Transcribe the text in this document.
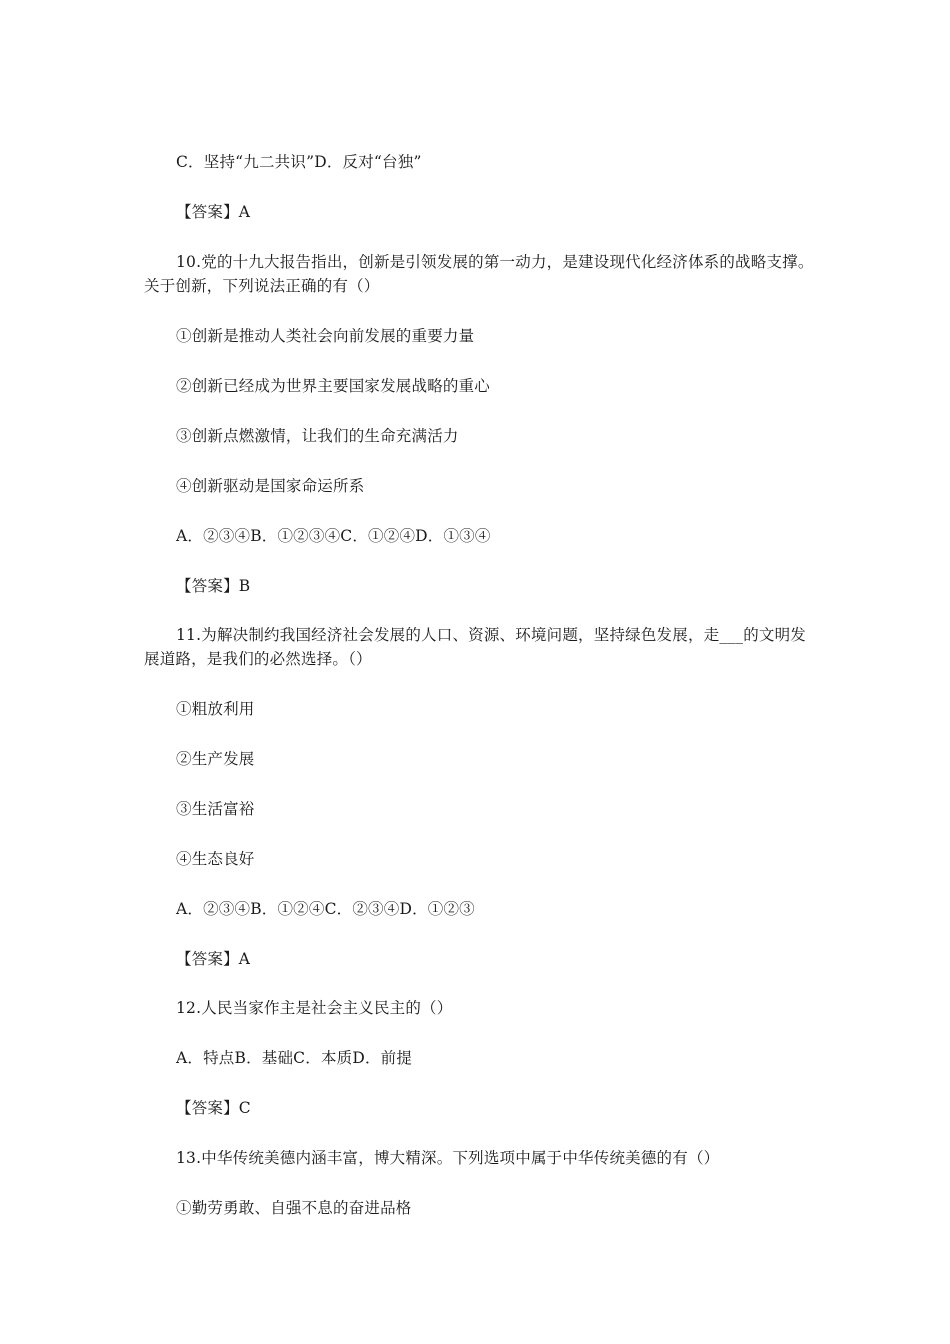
C．坚持“九二共识”D．反对“台独”
【答案】A
10.党的十九大报告指出，创新是引领发展的第一动力，是建设现代化经济体系的战略支撑。关于创新，下列说法正确的有（）
①创新是推动人类社会向前发展的重要力量
②创新已经成为世界主要国家发展战略的重心
③创新点燃激情，让我们的生命充满活力
④创新驱动是国家命运所系
A．②③④B．①②③④C．①②④D．①③④
【答案】B
11.为解决制约我国经济社会发展的人口、资源、环境问题，坚持绿色发展，走___的文明发展道路，是我们的必然选择。（）
①粗放利用
②生产发展
③生活富裕
④生态良好
A．②③④B．①②④C．②③④D．①②③
【答案】A
12.人民当家作主是社会主义民主的（）
A．特点B．基础C．本质D．前提
【答案】C
13.中华传统美德内涵丰富，博大精深。下列选项中属于中华传统美德的有（）
①勤劳勇敢、自强不息的奋进品格
